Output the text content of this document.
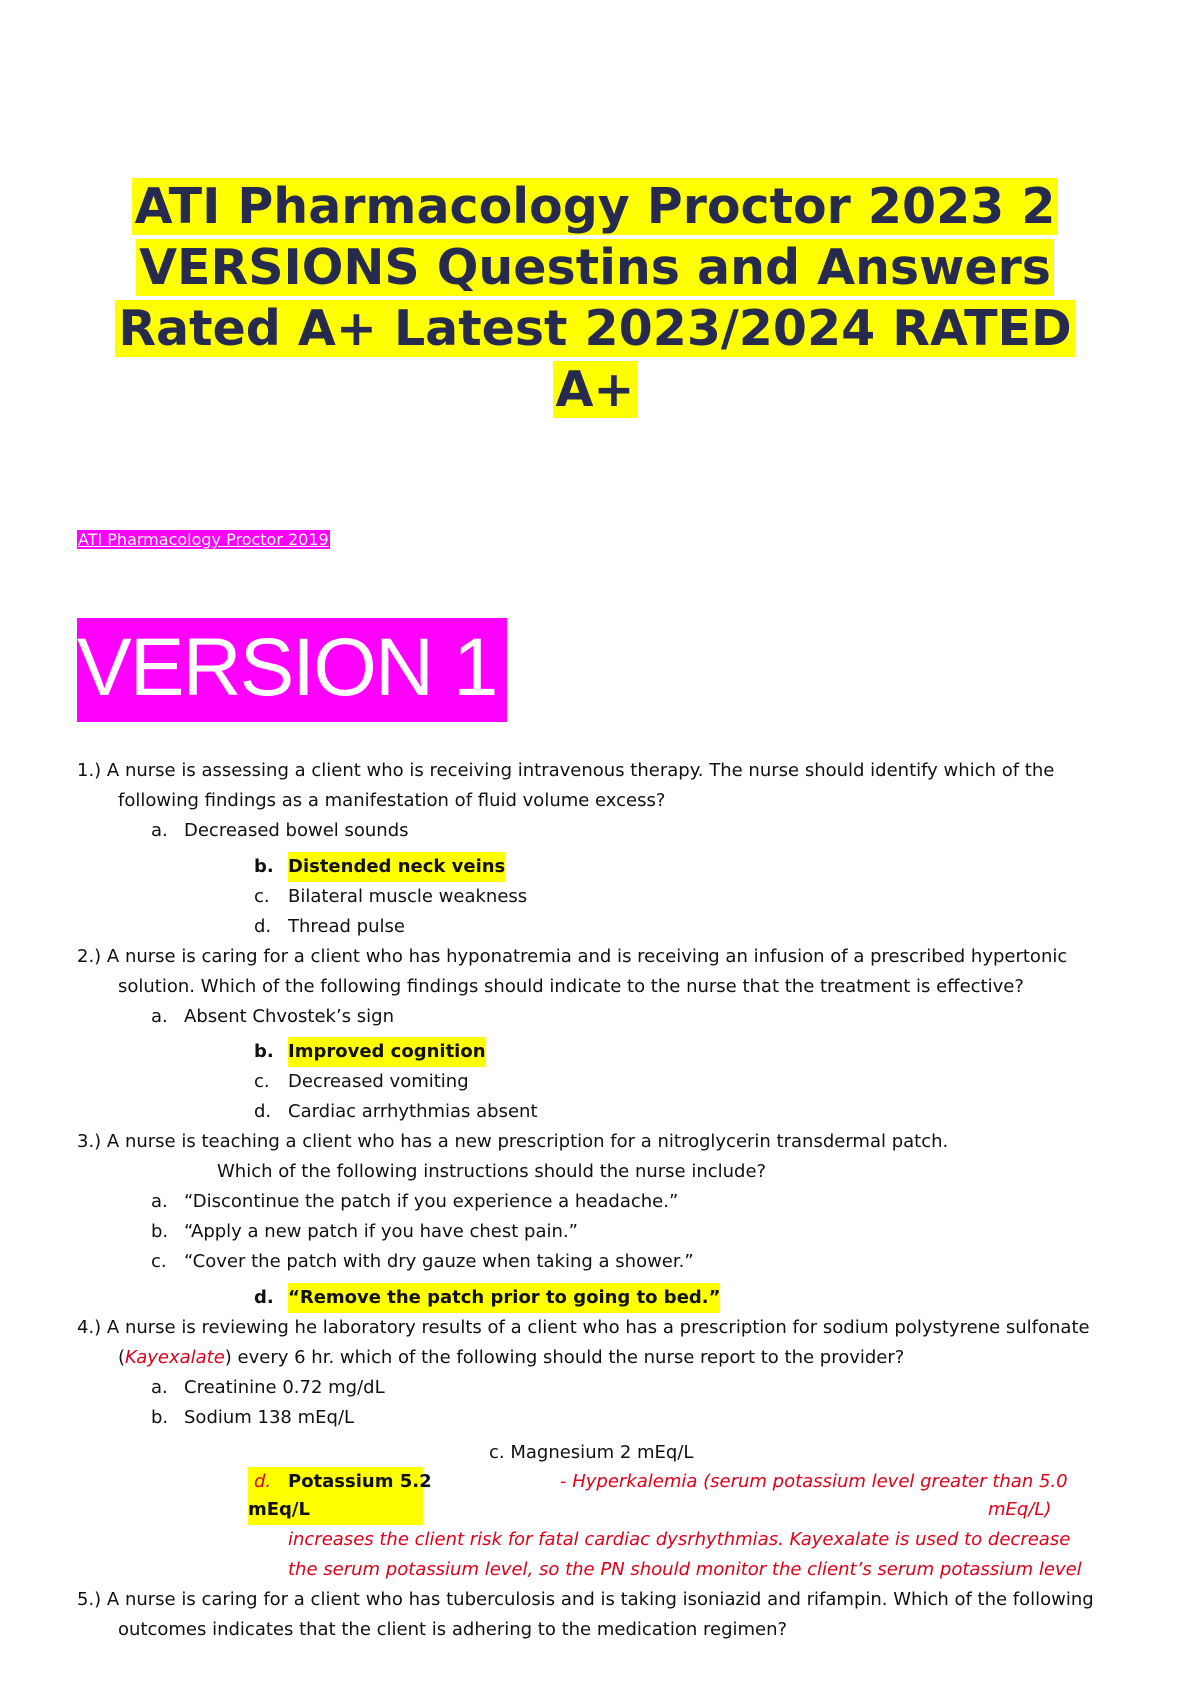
ATI Pharmacology Proctor 2023 2
VERSIONS Questins and Answers
Rated A+ Latest 2023/2024 RATED
A+
ATI Pharmacology Proctor 2019
VERSION 1
1.) A nurse is assessing a client who is receiving intravenous therapy. The nurse should identify which of the
following findings as a manifestation of fluid volume excess?
a. Decreased bowel sounds
b. Distended neck veins
c. Bilateral muscle weakness
d. Thread pulse
2.) A nurse is caring for a client who has hyponatremia and is receiving an infusion of a prescribed hypertonic
solution. Which of the following findings should indicate to the nurse that the treatment is effective?
a. Absent Chvostek’s sign
b. Improved cognition
c. Decreased vomiting
d. Cardiac arrhythmias absent
3.) A nurse is teaching a client who has a new prescription for a nitroglycerin transdermal patch.
Which of the following instructions should the nurse include?
a. “Discontinue the patch if you experience a headache.”
b. “Apply a new patch if you have chest pain.”
c. “Cover the patch with dry gauze when taking a shower.”
d. “Remove the patch prior to going to bed.”
4.) A nurse is reviewing he laboratory results of a client who has a prescription for sodium polystyrene sulfonate
(Kayexalate) every 6 hr. which of the following should the nurse report to the provider?
a. Creatinine 0.72 mg/dL
b. Sodium 138 mEq/L
c. Magnesium 2 mEq/L
d. Potassium 5.2
mEq/L
- Hyperkalemia (serum potassium level greater than 5.0
mEq/L)
increases the client risk for fatal cardiac dysrhythmias. Kayexalate is used to decrease
the serum potassium level, so the PN should monitor the client’s serum potassium level
5.) A nurse is caring for a client who has tuberculosis and is taking isoniazid and rifampin. Which of the following
outcomes indicates that the client is adhering to the medication regimen?
